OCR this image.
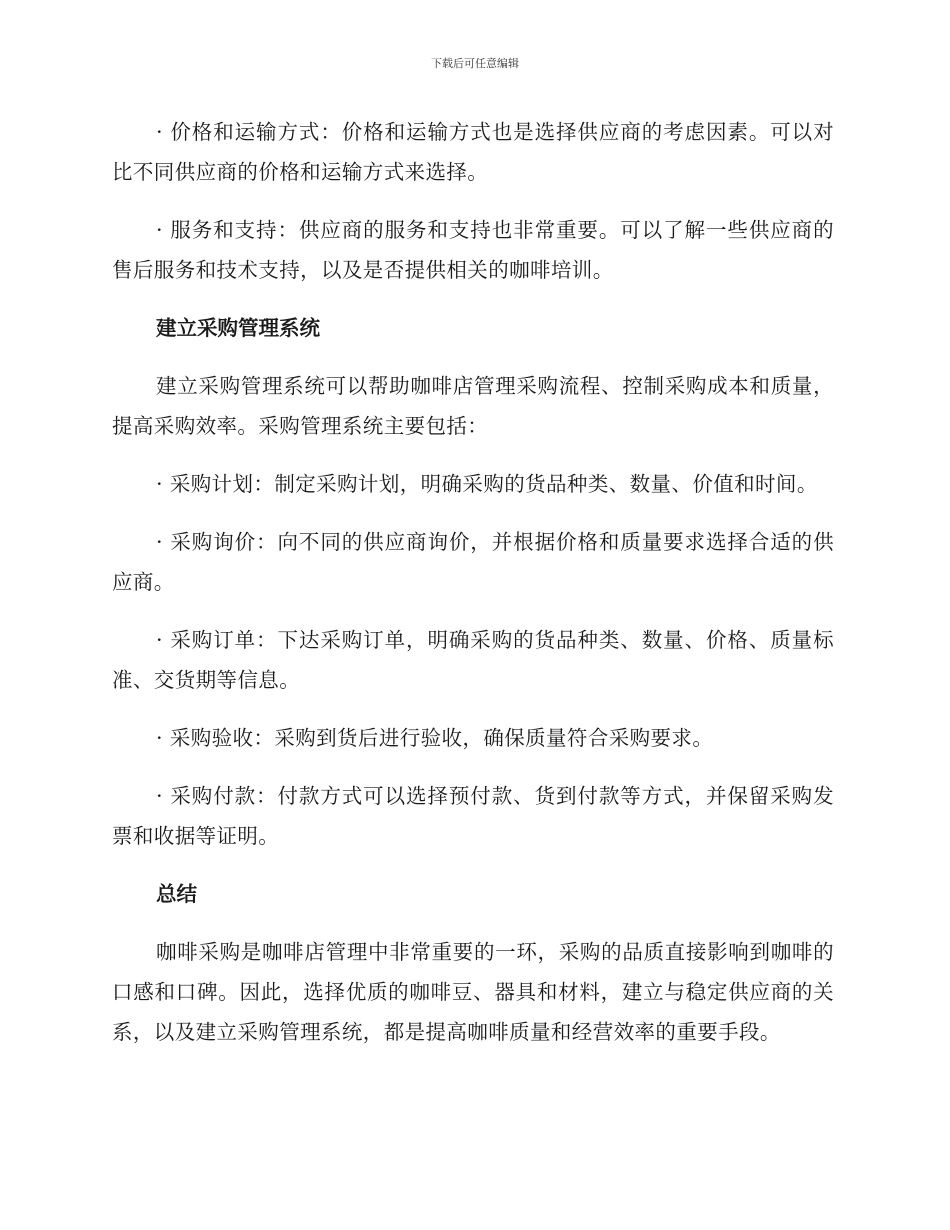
下载后可任意编辑

· 价格和运输方式：价格和运输方式也是选择供应商的考虑因素。可以对比不同供应商的价格和运输方式来选择。

· 服务和支持：供应商的服务和支持也非常重要。可以了解一些供应商的售后服务和技术支持，以及是否提供相关的咖啡培训。

建立采购管理系统

建立采购管理系统可以帮助咖啡店管理采购流程、控制采购成本和质量，提高采购效率。采购管理系统主要包括：

· 采购计划：制定采购计划，明确采购的货品种类、数量、价值和时间。

· 采购询价：向不同的供应商询价，并根据价格和质量要求选择合适的供应商。

· 采购订单：下达采购订单，明确采购的货品种类、数量、价格、质量标准、交货期等信息。

· 采购验收：采购到货后进行验收，确保质量符合采购要求。

· 采购付款：付款方式可以选择预付款、货到付款等方式，并保留采购发票和收据等证明。

总结

咖啡采购是咖啡店管理中非常重要的一环，采购的品质直接影响到咖啡的口感和口碑。因此，选择优质的咖啡豆、器具和材料，建立与稳定供应商的关系，以及建立采购管理系统，都是提高咖啡质量和经营效率的重要手段。
